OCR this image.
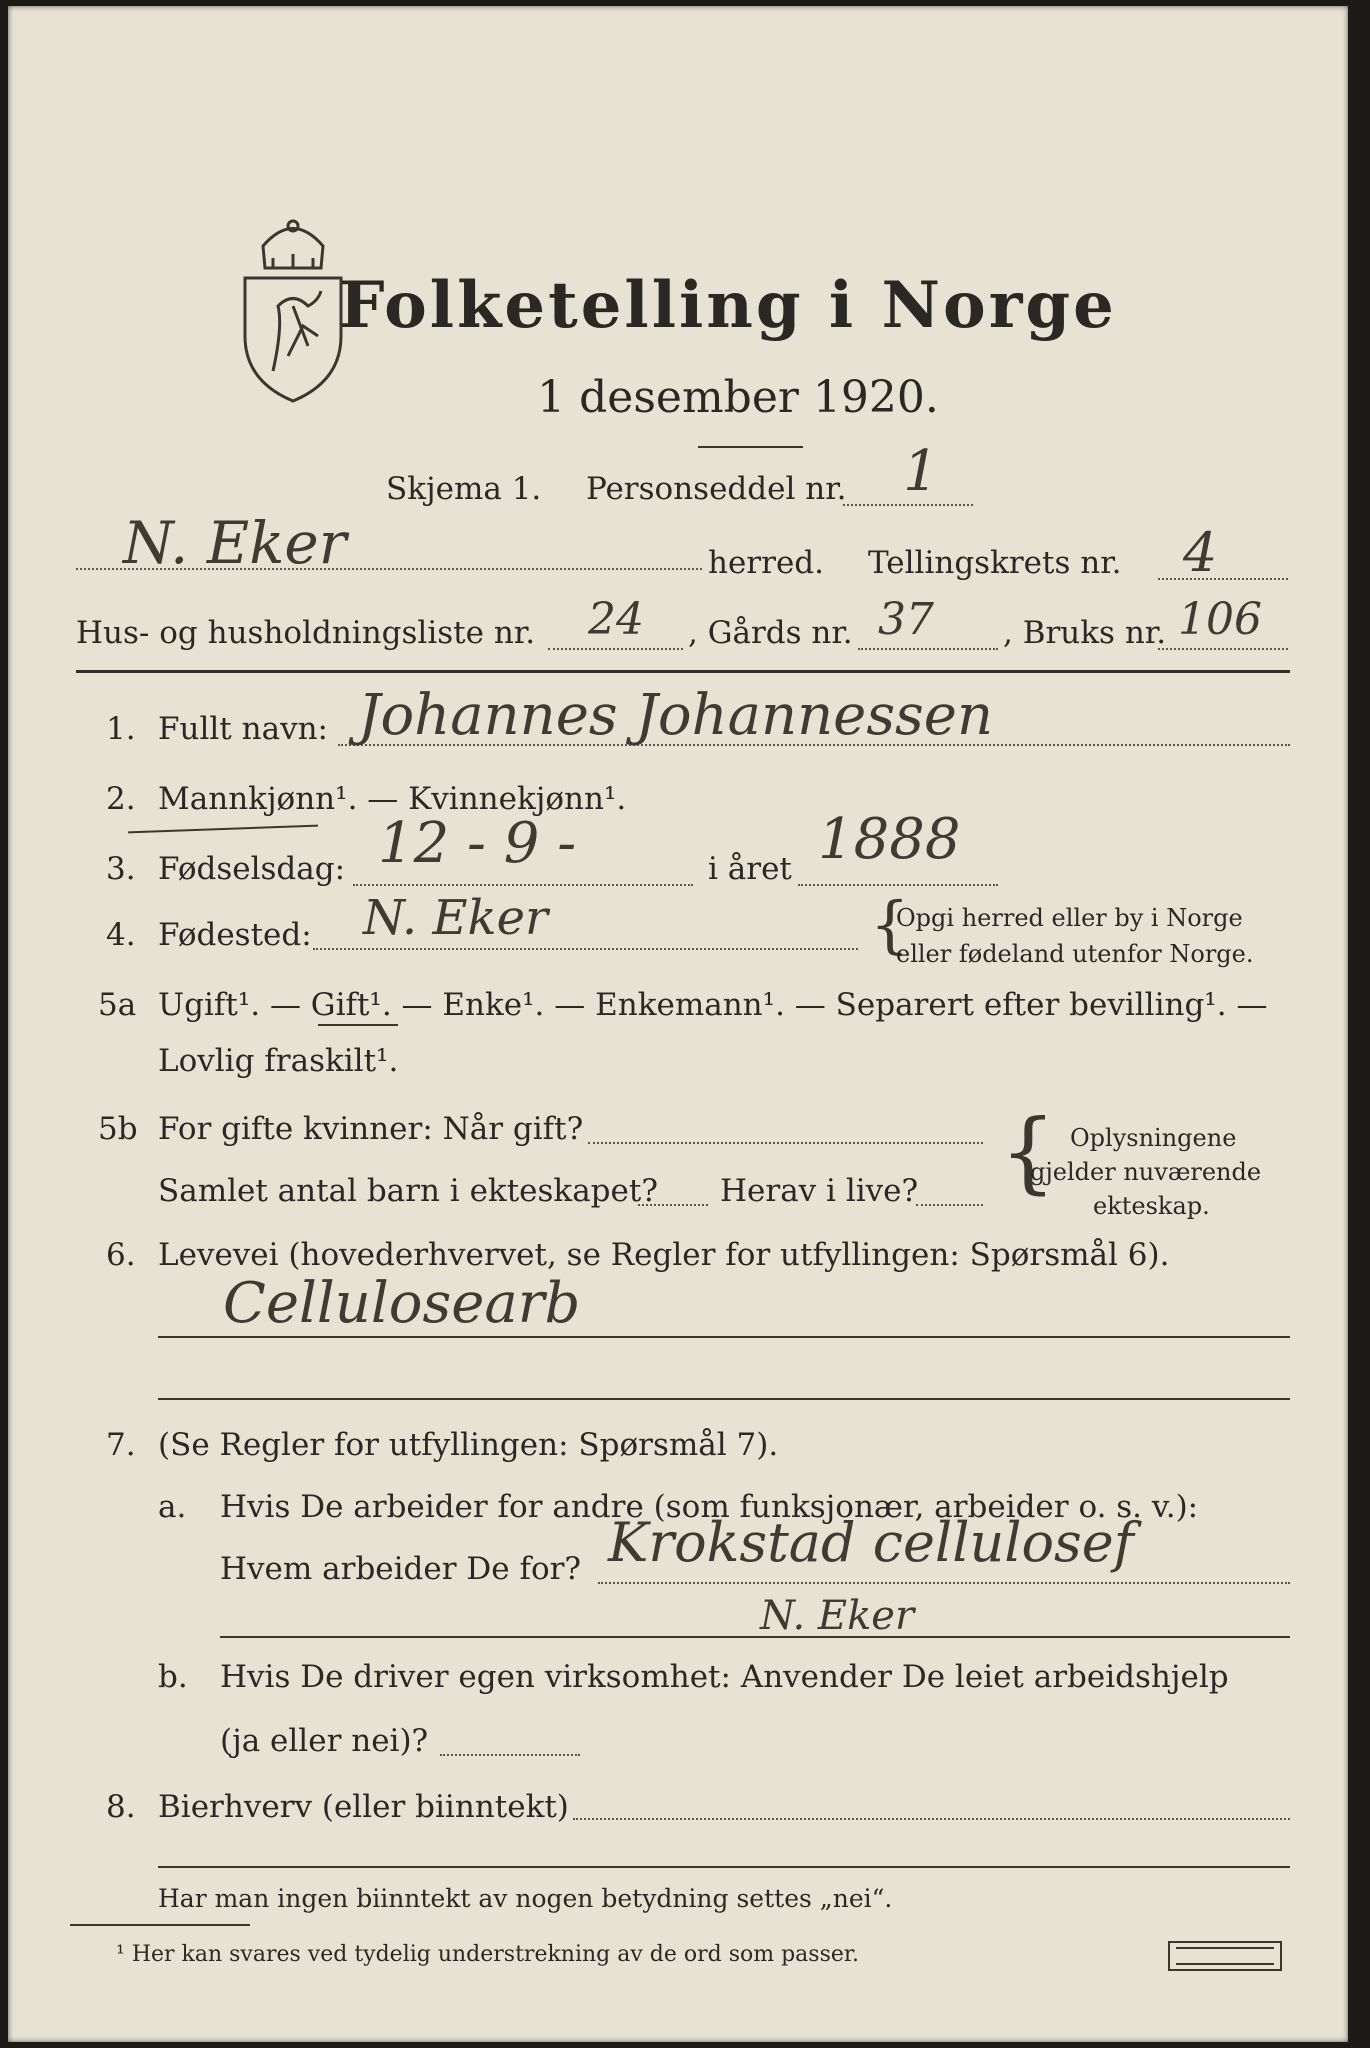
Folketelling i Norge
1 desember 1920.
Skjema 1. Personseddel nr. 1
N. Eker	herred. Tellingskrets nr. 4
Hus- og husholdningsliste nr. 24 , Gårds nr. 37 , Bruks nr. 106
1. Fullt navn: Johannes Johannessen
2. Mannkjønn¹. — Kvinnekjønn¹.
3. Fødselsdag: 12 - 9 -	i året 1888
4. Fødested: N. Eker	{
Opgi herred eller by i Norge
eller fødeland utenfor Norge.
5a Ugift¹. — Gift¹. — Enke¹. — Enkemann¹. — Separert efter bevilling¹. —
Lovlig fraskilt¹.
5b For gifte kvinner: Når gift?
Samlet antal barn i ekteskapet? Herav i live? { Oplysningene
gjelder nuværende
ekteskap.
6. Levevei (hovederhvervet, se Regler for utfyllingen: Spørsmål 6).
Cellulosearb
7. (Se Regler for utfyllingen: Spørsmål 7).
a. Hvis De arbeider for andre (som funksjonær, arbeider o. s. v.):
Hvem arbeider De for? Krokstad cellulosef
N. Eker
b. Hvis De driver egen virksomhet: Anvender De leiet arbeidshjelp
(ja eller nei)?
8. Bierhverv (eller biinntekt)
Har man ingen biinntekt av nogen betydning settes „nei“.
¹ Her kan svares ved tydelig understrekning av de ord som passer.
